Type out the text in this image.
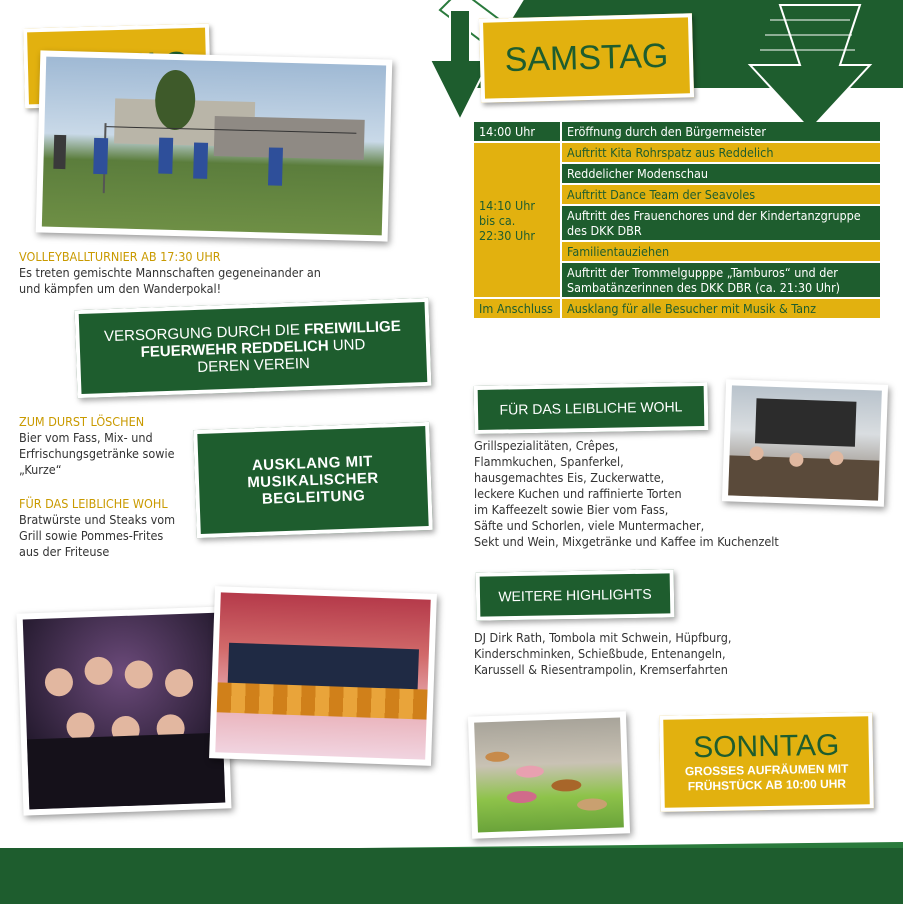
VOLLEYBALLTURNIER AB 17:30 UHR
Es treten gemischte Mannschaften gegeneinander an
und kämpfen um den Wanderpokal!
VERSORGUNG DURCH DIE FREIWILLIGE
FEUERWEHR REDDELICH UND
DEREN VEREIN
ZUM DURST LÖSCHEN
Bier vom Fass, Mix- und
Erfrischungsgetränke sowie
„Kurze“
FÜR DAS LEIBLICHE WOHL
Bratwürste und Steaks vom
Grill sowie Pommes-Frites
aus der Friteuse
AUSKLANG MIT
MUSIKALISCHER
BEGLEITUNG
SAMSTAG
14:00 Uhr	Eröffnung durch den Bürgermeister

14:10 Uhr
bis ca.
22:30 Uhr	Auftritt Kita Rohrspatz aus Reddelich
	Reddelicher Modenschau
	Auftritt Dance Team der Seavoles
	Auftritt des Frauenchores und der Kindertanzgruppe des DKK DBR
	Familientauziehen
	Auftritt der Trommelgupppe „Tamburos“ und der Sambatänzerinnen des DKK DBR (ca. 21:30 Uhr)
Im Anschluss	Ausklang für alle Besucher mit Musik & Tanz
FÜR DAS LEIBLICHE WOHL
Grillspezialitäten, Crêpes,
Flammkuchen, Spanferkel,
hausgemachtes Eis, Zuckerwatte,
leckere Kuchen und raffinierte Torten
im Kaffeezelt sowie Bier vom Fass,
Säfte und Schorlen, viele Muntermacher,
Sekt und Wein, Mixgetränke und Kaffee im Kuchenzelt
WEITERE HIGHLIGHTS
DJ Dirk Rath, Tombola mit Schwein, Hüpfburg,
Kinderschminken, Schießbude, Entenangeln,
Karussell & Riesentrampolin, Kremserfahrten
SONNTAG
GROSSES AUFRÄUMEN MIT
FRÜHSTÜCK AB 10:00 UHR
